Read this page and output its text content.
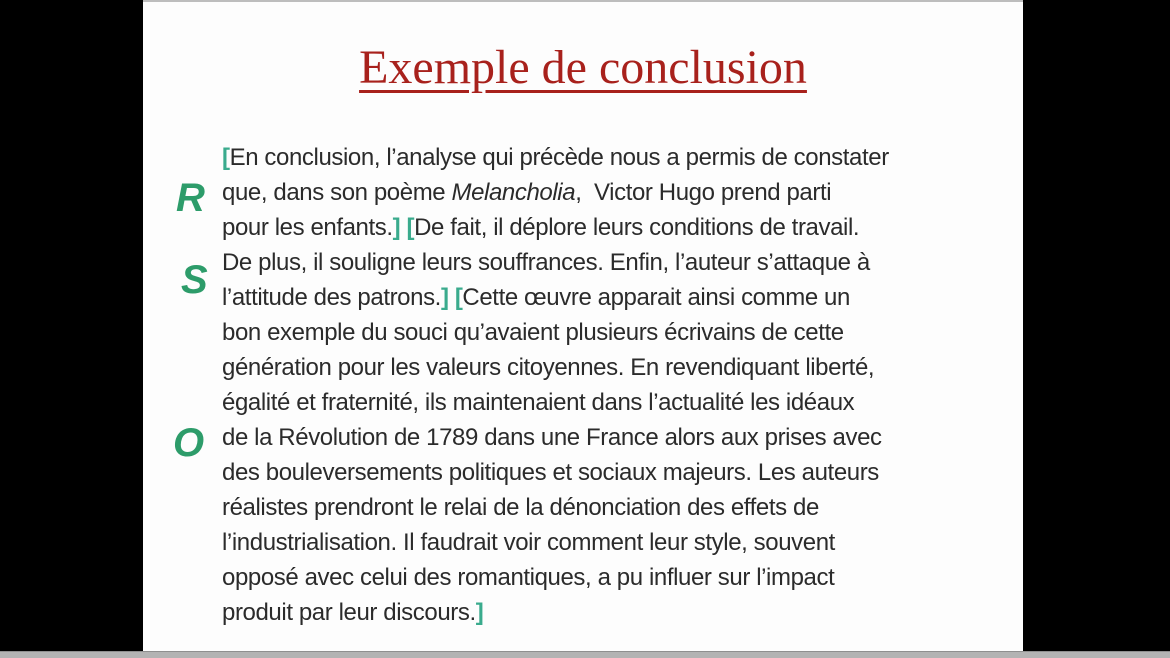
Exemple de conclusion
R
S
O
[En conclusion, l’analyse qui précède nous a permis de constater
que, dans son poème Melancholia,  Victor Hugo prend parti
pour les enfants.] [De fait, il déplore leurs conditions de travail.
De plus, il souligne leurs souffrances. Enfin, l’auteur s’attaque à
l’attitude des patrons.] [Cette œuvre apparait ainsi comme un
bon exemple du souci qu’avaient plusieurs écrivains de cette
génération pour les valeurs citoyennes. En revendiquant liberté,
égalité et fraternité, ils maintenaient dans l’actualité les idéaux
de la Révolution de 1789 dans une France alors aux prises avec
des bouleversements politiques et sociaux majeurs. Les auteurs
réalistes prendront le relai de la dénonciation des effets de
l’industrialisation. Il faudrait voir comment leur style, souvent
opposé avec celui des romantiques, a pu influer sur l’impact
produit par leur discours.]
